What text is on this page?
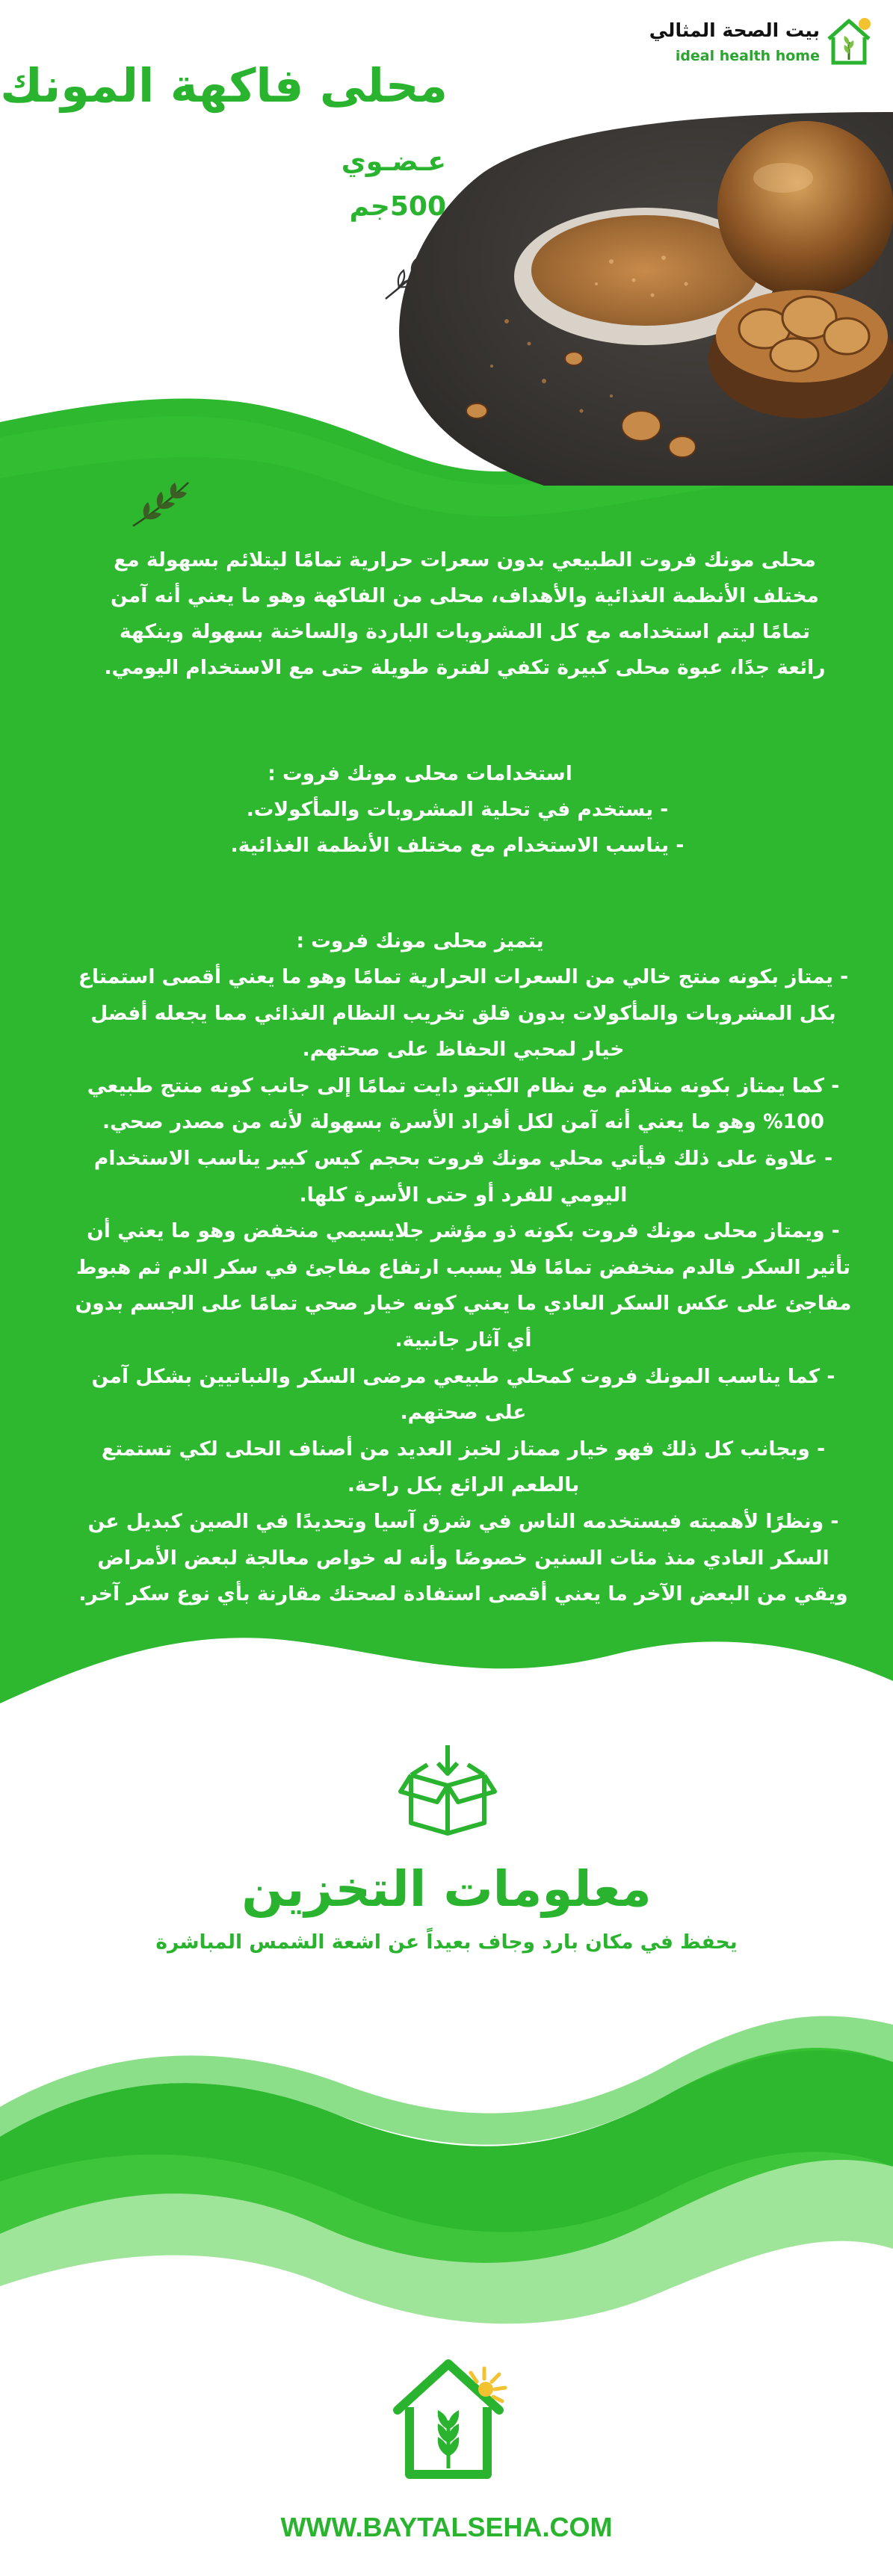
بيت الصحة المثالي
ideal health home
محلى فاكهة المونك
عـضـوي
500جم

محلى مونك فروت الطبيعي بدون سعرات حرارية تمامًا ليتلائم بسهولة مع مختلف الأنظمة الغذائية والأهداف، محلى من الفاكهة وهو ما يعني أنه آمن تمامًا ليتم استخدامه مع كل المشروبات الباردة والساخنة بسهولة وبنكهة رائعة جدًا، عبوة محلى كبيرة تكفي لفترة طويلة حتى مع الاستخدام اليومي.

استخدامات محلى مونك فروت :
- يستخدم في تحلية المشروبات والمأكولات.
- يناسب الاستخدام مع مختلف الأنظمة الغذائية.
يتميز محلى مونك فروت :
- يمتاز بكونه منتج خالي من السعرات الحرارية تمامًا وهو ما يعني أقصى استمتاع بكل المشروبات والمأكولات بدون قلق تخريب النظام الغذائي مما يجعله أفضل خيار لمحبي الحفاظ على صحتهم.
- كما يمتاز بكونه متلائم مع نظام الكيتو دايت تمامًا إلى جانب كونه منتج طبيعي 100% وهو ما يعني أنه آمن لكل أفراد الأسرة بسهولة لأنه من مصدر صحي.
- علاوة على ذلك فيأتي محلي مونك فروت بحجم كيس كبير يناسب الاستخدام اليومي للفرد أو حتى الأسرة كلها.
- ويمتاز محلى مونك فروت بكونه ذو مؤشر جلايسيمي منخفض وهو ما يعني أن تأثير السكر فالدم منخفض تمامًا فلا يسبب ارتفاع مفاجئ في سكر الدم ثم هبوط مفاجئ على عكس السكر العادي ما يعني كونه خيار صحي تمامًا على الجسم بدون أي آثار جانبية.
- كما يناسب المونك فروت كمحلي طبيعي مرضى السكر والنباتيين بشكل آمن على صحتهم.
- وبجانب كل ذلك فهو خيار ممتاز لخبز العديد من أصناف الحلى لكي تستمتع بالطعم الرائع بكل راحة.
- ونظرًا لأهميته فيستخدمه الناس في شرق آسيا وتحديدًا في الصين كبديل عن السكر العادي منذ مئات السنين خصوصًا وأنه له خواص معالجة لبعض الأمراض ويقي من البعض الآخر ما يعني أقصى استفادة لصحتك مقارنة بأي نوع سكر آخر.
معلومات التخزين
يحفظ في مكان بارد وجاف بعيداً عن اشعة الشمس المباشرة
WWW.BAYTALSEHA.COM
